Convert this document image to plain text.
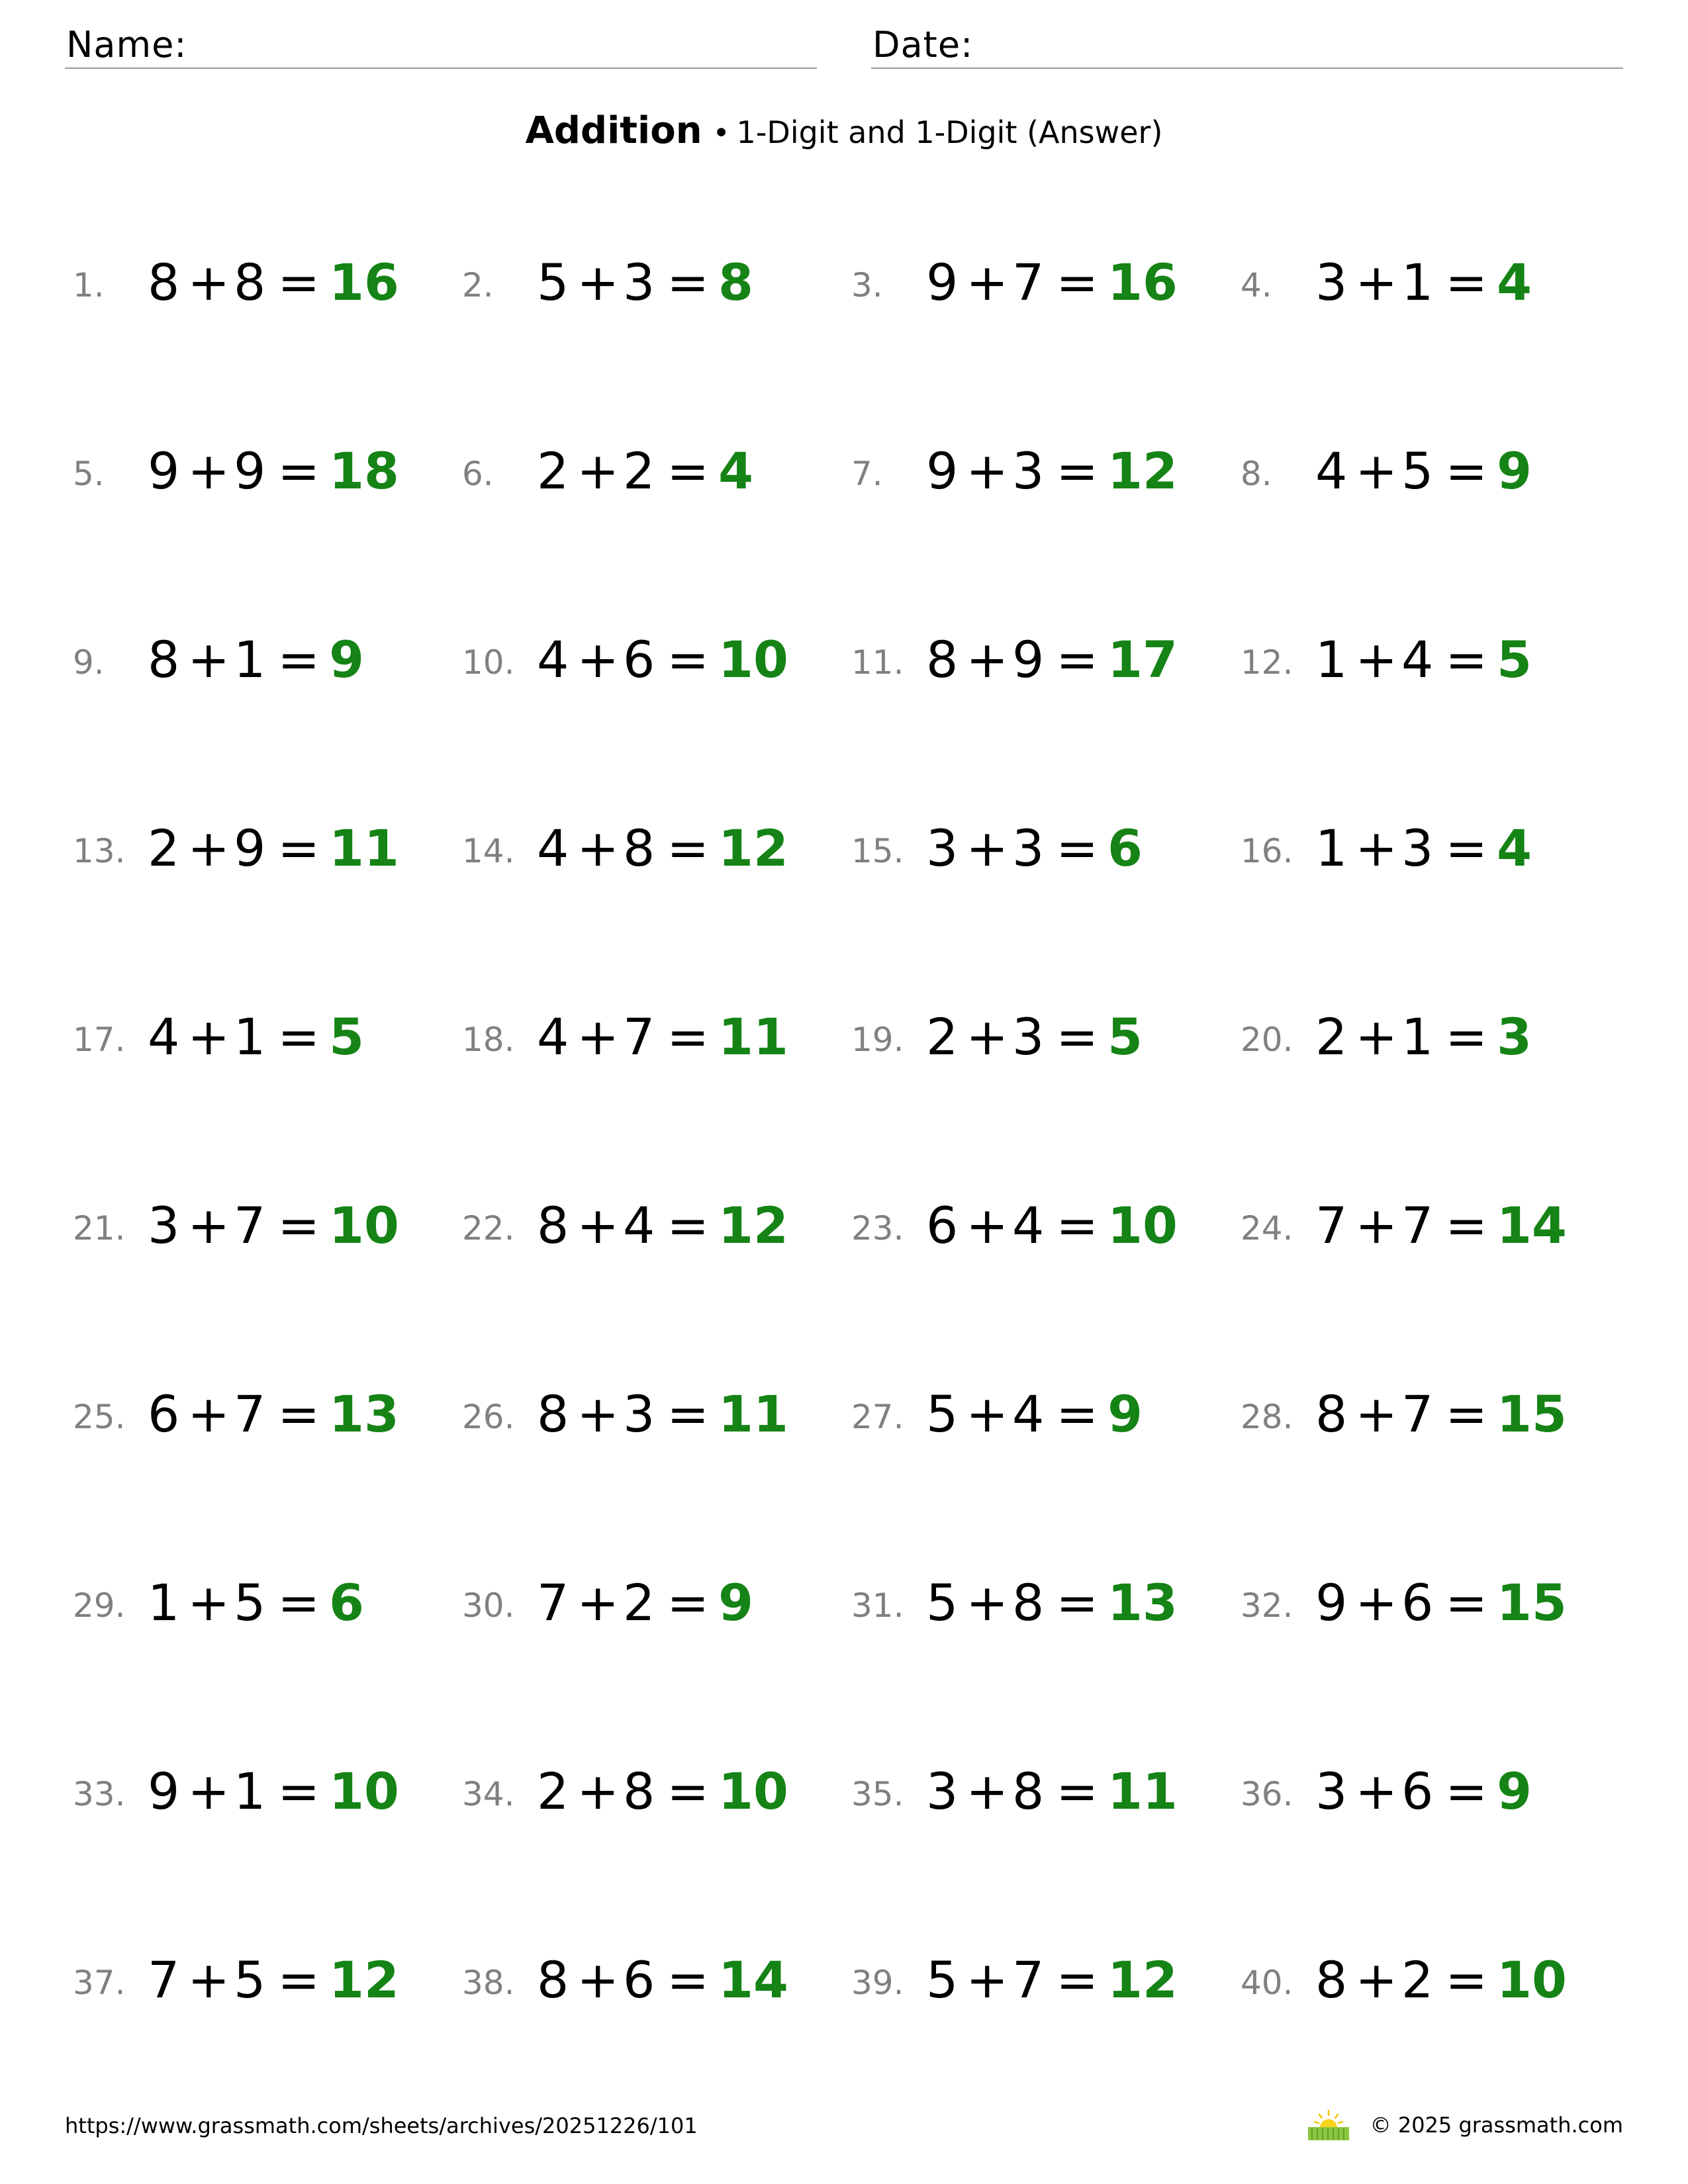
Name:	Date:
Addition • 1-Digit and 1-Digit (Answer)
1. 8 +8 = 16 2. 5 +3 = 8	3. 9 +7 = 16 4. 3 +1 = 4
5. 9 +9 = 18 6. 2 +2 = 4	7. 9 +3 = 12 8. 4 +5 = 9
9. 8 +1 = 9	10. 4 +6 = 10 11. 8 +9 = 17 12. 1 +4 = 5
13. 2 +9 = 11 14. 4 +8 = 12 15. 3 +3 = 6	16. 1 +3 = 4
17. 4 +1 = 5	18. 4 +7 = 11 19. 2 +3 = 5	20. 2 +1 = 3
21. 3 +7 = 10 22. 8 +4 = 12 23. 6 +4 = 10 24. 7 +7 = 14
25. 6 +7 = 13 26. 8 +3 = 11 27. 5 +4 = 9	28. 8 +7 = 15
29. 1 +5 = 6	30. 7 +2 = 9	31. 5 +8 = 13 32. 9 +6 = 15
33. 9 +1 = 10 34. 2 +8 = 10 35. 3 +8 = 11 36. 3 +6 = 9
37. 7 +5 = 12 38. 8 +6 = 14 39. 5 +7 = 12 40. 8 +2 = 10
https://www.grassmath.com/sheets/archives/20251226/101	© 2025 grassmath.com
